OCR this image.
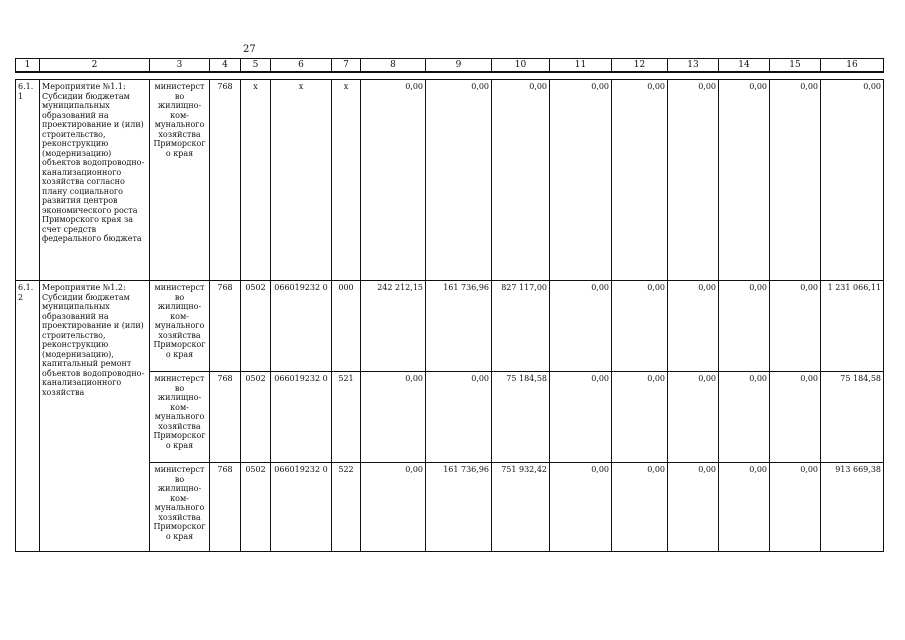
27
1	2	3	4	5	6	7	8	9	10	11	12	13	14	15	16

6.1.1	Мероприятие №1.1: Субсидии бюджетам муниципальных образований на проектирование и (или) строительство, реконструкцию (модернизацию) объектов водопроводно-канализационного хозяйства согласно плану социального развития центров экономического роста Приморского края за счет средств федерального бюджета	министерст во жилищно-ком-мунального хозяйства Приморског о края	768	x	x	x	0,00	0,00	0,00	0,00	0,00	0,00	0,00	0,00	0,00
6.1.2	Мероприятие №1.2: Субсидии бюджетам муниципальных образований на проектирование и (или) строительство, реконструкцию (модернизацию), капитальный ремонт объектов водопроводно-канализационного хозяйства	министерст во жилищно-ком-мунального хозяйства Приморског о края	768	0502	066019232 0	000	242 212,15	161 736,96	827 117,00	0,00	0,00	0,00	0,00	0,00	1 231 066,11
		министерст во жилищно-ком-мунального хозяйства Приморског о края	768	0502	066019232 0	521	0,00	0,00	75 184,58	0,00	0,00	0,00	0,00	0,00	75 184,58
		министерст во жилищно-ком-мунального хозяйства Приморског о края	768	0502	066019232 0	522	0,00	161 736,96	751 932,42	0,00	0,00	0,00	0,00	0,00	913 669,38
